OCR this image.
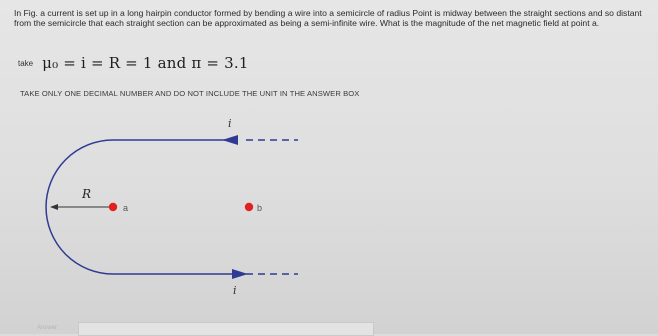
In Fig. a current is set up in a long hairpin conductor formed by bending a wire into a semicircle of radius Point is midway between the straight sections and so distant from the semicircle that each straight section can be approximated as being a semi-infinite wire. What is the magnitude of the net magnetic field at point a.
take μ₀ = i = R = 1 and π = 3.1
TAKE ONLY ONE DECIMAL NUMBER AND DO NOT INCLUDE THE UNIT IN THE ANSWER BOX
R
i
i
a	b
Answer:
